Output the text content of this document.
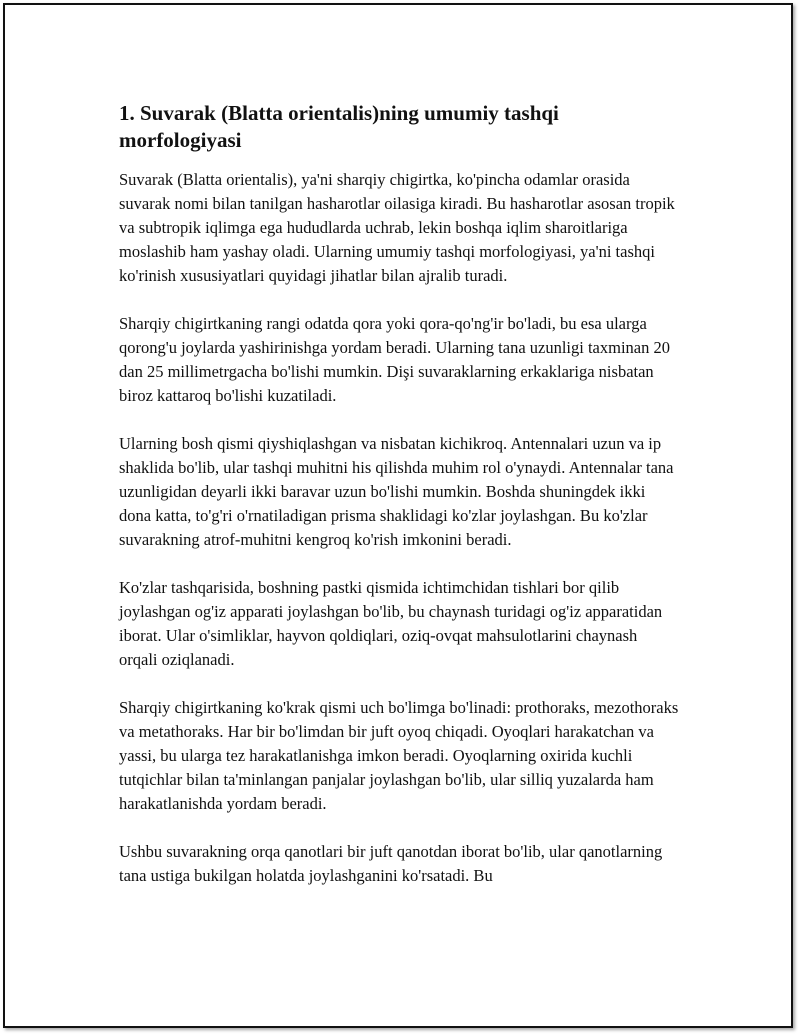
1. Suvarak (Blatta orientalis)ning umumiy tashqi morfologiyasi

Suvarak (Blatta orientalis), ya'ni sharqiy chigirtka, ko'pincha odamlar orasida suvarak nomi bilan tanilgan hasharotlar oilasiga kiradi. Bu hasharotlar asosan tropik va subtropik iqlimga ega hududlarda uchrab, lekin boshqa iqlim sharoitlariga moslashib ham yashay oladi. Ularning umumiy tashqi morfologiyasi, ya'ni tashqi ko'rinish xususiyatlari quyidagi jihatlar bilan ajralib turadi.

Sharqiy chigirtkaning rangi odatda qora yoki qora-qo'ng'ir bo'ladi, bu esa ularga qorong'u joylarda yashirinishga yordam beradi. Ularning tana uzunligi taxminan 20 dan 25 millimetrgacha bo'lishi mumkin. Dişi suvaraklarning erkaklariga nisbatan biroz kattaroq bo'lishi kuzatiladi.

Ularning bosh qismi qiyshiqlashgan va nisbatan kichikroq. Antennalari uzun va ip shaklida bo'lib, ular tashqi muhitni his qilishda muhim rol o'ynaydi. Antennalar tana uzunligidan deyarli ikki baravar uzun bo'lishi mumkin. Boshda shuningdek ikki dona katta, to'g'ri o'rnatiladigan prisma shaklidagi ko'zlar joylashgan. Bu ko'zlar suvarakning atrof-muhitni kengroq ko'rish imkonini beradi.

Ko'zlar tashqarisida, boshning pastki qismida ichtimchidan tishlari bor qilib joylashgan og'iz apparati joylashgan bo'lib, bu chaynash turidagi og'iz apparatidan iborat. Ular o'simliklar, hayvon qoldiqlari, oziq-ovqat mahsulotlarini chaynash orqali oziqlanadi.

Sharqiy chigirtkaning ko'krak qismi uch bo'limga bo'linadi: prothoraks, mezothoraks va metathoraks. Har bir bo'limdan bir juft oyoq chiqadi. Oyoqlari harakatchan va yassi, bu ularga tez harakatlanishga imkon beradi. Oyoqlarning oxirida kuchli tutqichlar bilan ta'minlangan panjalar joylashgan bo'lib, ular silliq yuzalarda ham harakatlanishda yordam beradi.

Ushbu suvarakning orqa qanotlari bir juft qanotdan iborat bo'lib, ular qanotlarning tana ustiga bukilgan holatda joylashganini ko'rsatadi. Bu
